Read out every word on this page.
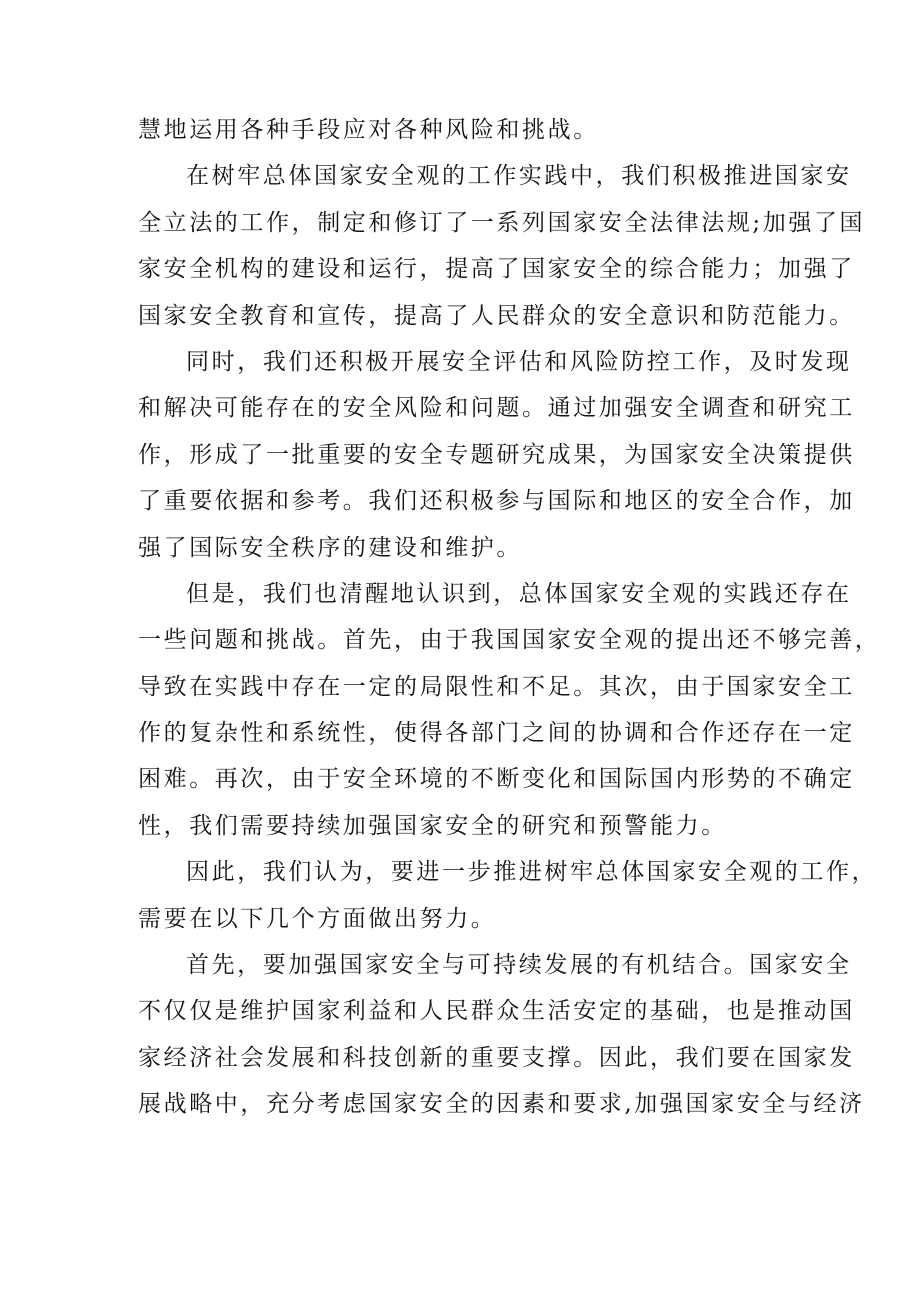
慧地运用各种手段应对各种风险和挑战。
在树牢总体国家安全观的工作实践中，我们积极推进国家安
全立法的工作，制定和修订了一系列国家安全法律法规;加强了国
家安全机构的建设和运行，提高了国家安全的综合能力；加强了
国家安全教育和宣传，提高了人民群众的安全意识和防范能力。
同时，我们还积极开展安全评估和风险防控工作，及时发现
和解决可能存在的安全风险和问题。通过加强安全调查和研究工
作，形成了一批重要的安全专题研究成果，为国家安全决策提供
了重要依据和参考。我们还积极参与国际和地区的安全合作，加
强了国际安全秩序的建设和维护。
但是，我们也清醒地认识到，总体国家安全观的实践还存在
一些问题和挑战。首先，由于我国国家安全观的提出还不够完善，
导致在实践中存在一定的局限性和不足。其次，由于国家安全工
作的复杂性和系统性，使得各部门之间的协调和合作还存在一定
困难。再次，由于安全环境的不断变化和国际国内形势的不确定
性，我们需要持续加强国家安全的研究和预警能力。
因此，我们认为，要进一步推进树牢总体国家安全观的工作，
需要在以下几个方面做出努力。
首先，要加强国家安全与可持续发展的有机结合。国家安全
不仅仅是维护国家利益和人民群众生活安定的基础，也是推动国
家经济社会发展和科技创新的重要支撑。因此，我们要在国家发
展战略中，充分考虑国家安全的因素和要求,加强国家安全与经济
